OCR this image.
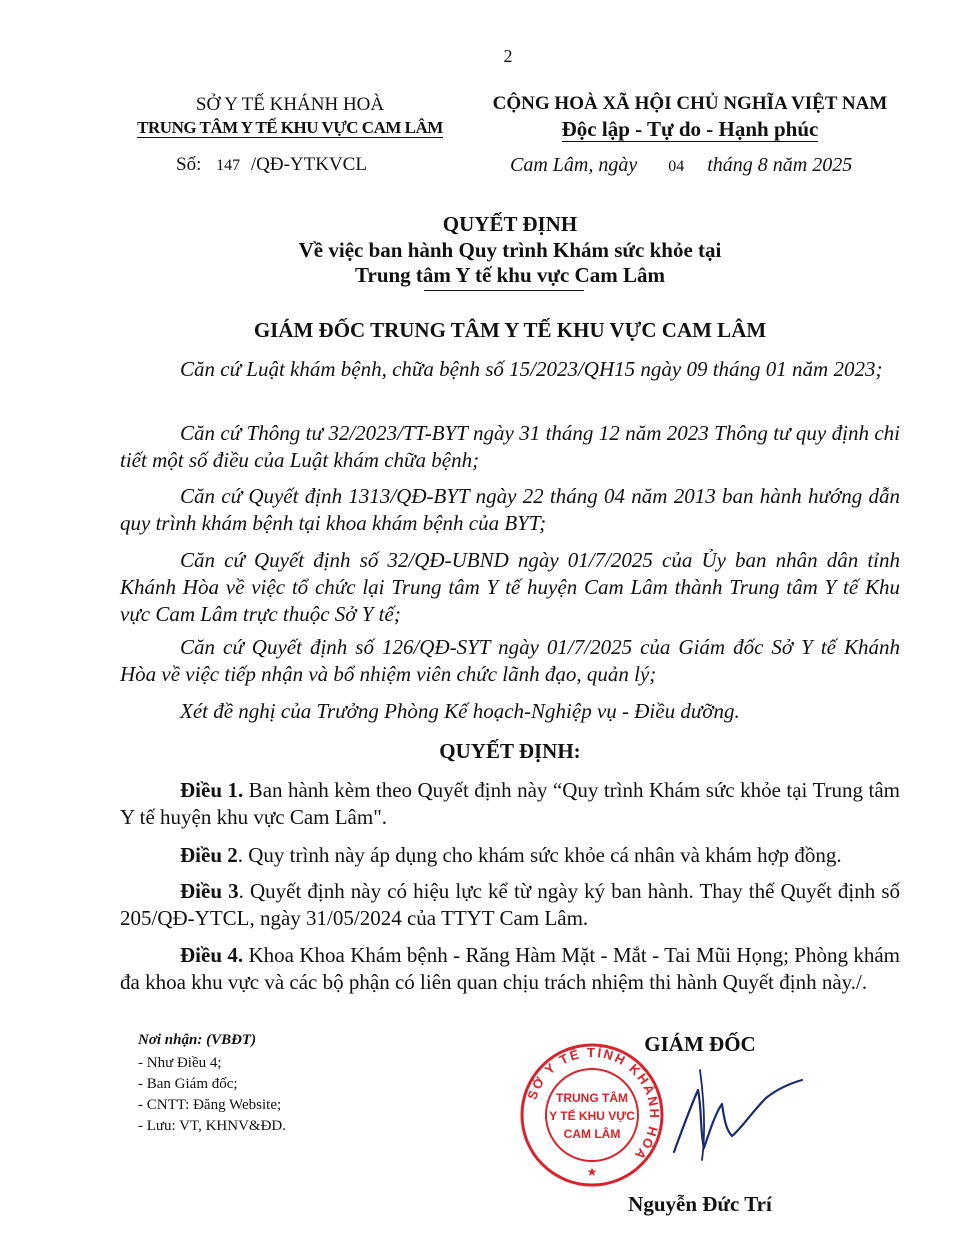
2
SỞ Y TẾ KHÁNH HOÀ
TRUNG TÂM Y TẾ KHU VỰC CAM LÂM
Số: 147 /QĐ-YTKVCL
CỘNG HOÀ XÃ HỘI CHỦ NGHĨA VIỆT NAM
Độc lập - Tự do - Hạnh phúc
Cam Lâm, ngày 04 tháng 8 năm 2025
QUYẾT ĐỊNH
Về việc ban hành Quy trình Khám sức khỏe tại
Trung tâm Y tế khu vực Cam Lâm
GIÁM ĐỐC TRUNG TÂM Y TẾ KHU VỰC CAM LÂM
Căn cứ Luật khám bệnh, chữa bệnh số 15/2023/QH15 ngày 09 tháng 01 năm 2023;
Căn cứ Thông tư 32/2023/TT-BYT ngày 31 tháng 12 năm 2023 Thông tư quy định chi tiết một số điều của Luật khám chữa bệnh;
Căn cứ Quyết định 1313/QĐ-BYT ngày 22 tháng 04 năm 2013 ban hành hướng dẫn quy trình khám bệnh tại khoa khám bệnh của BYT;
Căn cứ Quyết định số 32/QĐ-UBND ngày 01/7/2025 của Ủy ban nhân dân tỉnh Khánh Hòa về việc tổ chức lại Trung tâm Y tế huyện Cam Lâm thành Trung tâm Y tế Khu vực Cam Lâm trực thuộc Sở Y tế;
Căn cứ Quyết định số 126/QĐ-SYT ngày 01/7/2025 của Giám đốc Sở Y tế Khánh Hòa về việc tiếp nhận và bổ nhiệm viên chức lãnh đạo, quản lý;
Xét đề nghị của Trưởng Phòng Kế hoạch-Nghiệp vụ - Điều dưỡng.
QUYẾT ĐỊNH:
Điều 1. Ban hành kèm theo Quyết định này “Quy trình Khám sức khỏe tại Trung tâm Y tế huyện khu vực Cam Lâm".
Điều 2. Quy trình này áp dụng cho khám sức khỏe cá nhân và khám hợp đồng.
Điều 3. Quyết định này có hiệu lực kể từ ngày ký ban hành. Thay thế Quyết định số 205/QĐ-YTCL, ngày 31/05/2024 của TTYT Cam Lâm.
Điều 4. Khoa Khoa Khám bệnh - Răng Hàm Mặt - Mắt - Tai Mũi Họng; Phòng khám đa khoa khu vực và các bộ phận có liên quan chịu trách nhiệm thi hành Quyết định này./.
Nơi nhận: (VBĐT)
- Như Điều 4;
- Ban Giám đốc;
- CNTT: Đăng Website;
- Lưu: VT, KHNV&ĐD.
GIÁM ĐỐC
SỞ Y TẾ TỈNH KHÁNH HÒA
TRUNG TÂM
Y TẾ KHU VỰC
CAM LÂM
★
Nguyễn Đức Trí
